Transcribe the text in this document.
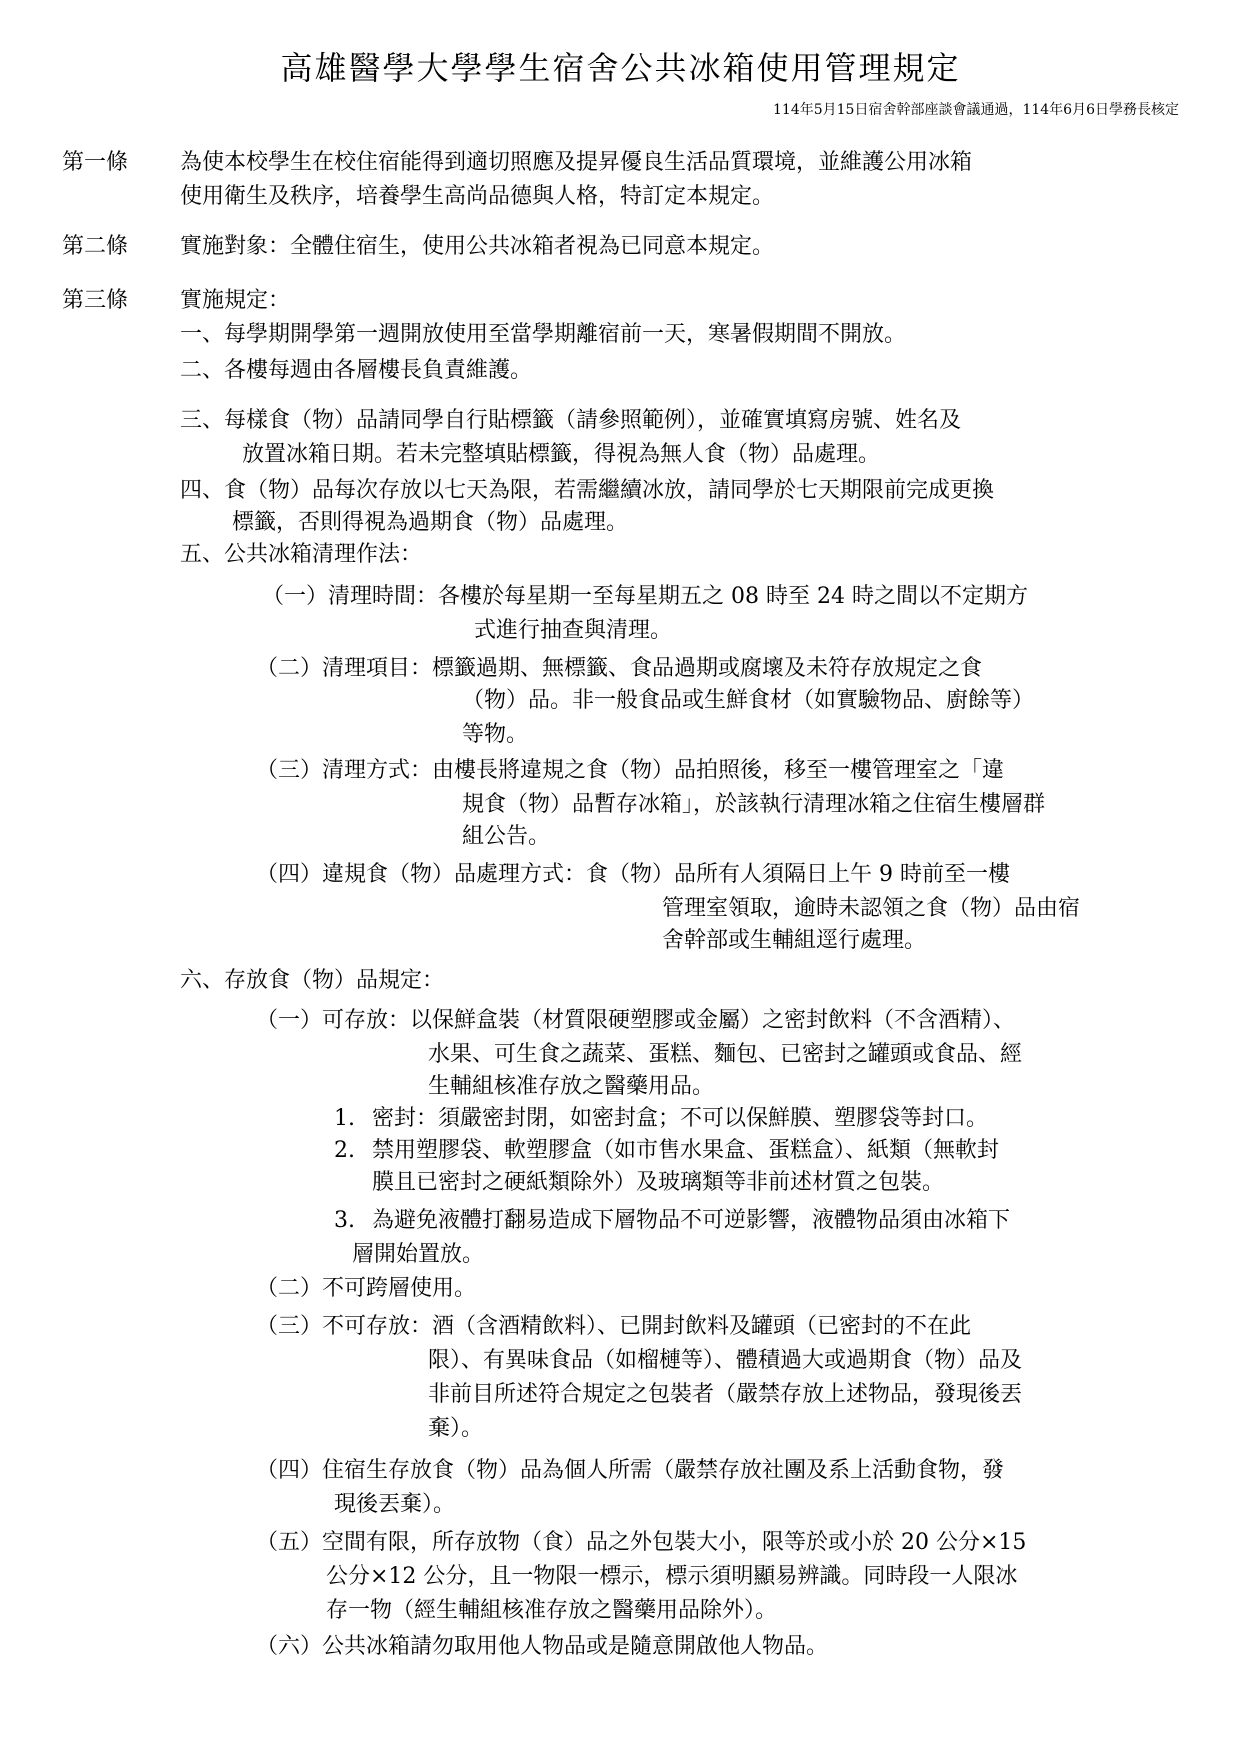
高雄醫學大學學生宿舍公共冰箱使用管理規定
114年5月15日宿舍幹部座談會議通過，114年6月6日學務長核定
第一條 為使本校學生在校住宿能得到適切照應及提昇優良生活品質環境，並維護公用冰箱
使用衛生及秩序，培養學生高尚品德與人格，特訂定本規定。
第二條 實施對象：全體住宿生，使用公共冰箱者視為已同意本規定。
第三條 實施規定：
一、每學期開學第一週開放使用至當學期離宿前一天，寒暑假期間不開放。
二、各樓每週由各層樓長負責維護。
三、每樣食（物）品請同學自行貼標籤（請參照範例），並確實填寫房號、姓名及
放置冰箱日期。若未完整填貼標籤，得視為無人食（物）品處理。
四、食（物）品每次存放以七天為限，若需繼續冰放，請同學於七天期限前完成更換
標籤，否則得視為過期食（物）品處理。
五、公共冰箱清理作法：
（一）清理時間：各樓於每星期一至每星期五之 08 時至 24 時之間以不定期方
式進行抽查與清理。
（二）清理項目：標籤過期、無標籤、食品過期或腐壞及未符存放規定之食
（物）品。非一般食品或生鮮食材（如實驗物品、廚餘等）
等物。
（三）清理方式：由樓長將違規之食（物）品拍照後，移至一樓管理室之「違
規食（物）品暫存冰箱」，於該執行清理冰箱之住宿生樓層群
組公告。
（四）違規食（物）品處理方式：食（物）品所有人須隔日上午 9 時前至一樓
管理室領取，逾時未認領之食（物）品由宿
舍幹部或生輔組逕行處理。
六、存放食（物）品規定：
（一）可存放：以保鮮盒裝（材質限硬塑膠或金屬）之密封飲料（不含酒精）、
水果、可生食之蔬菜、蛋糕、麵包、已密封之罐頭或食品、經
生輔組核准存放之醫藥用品。
1. 密封：須嚴密封閉，如密封盒；不可以保鮮膜、塑膠袋等封口。
2. 禁用塑膠袋、軟塑膠盒（如市售水果盒、蛋糕盒）、紙類（無軟封
膜且已密封之硬紙類除外）及玻璃類等非前述材質之包裝。
3. 為避免液體打翻易造成下層物品不可逆影響，液體物品須由冰箱下
層開始置放。
（二）不可跨層使用。
（三）不可存放：酒（含酒精飲料）、已開封飲料及罐頭（已密封的不在此
限）、有異味食品（如榴槤等）、體積過大或過期食（物）品及
非前目所述符合規定之包裝者（嚴禁存放上述物品，發現後丟
棄）。
（四）住宿生存放食（物）品為個人所需（嚴禁存放社團及系上活動食物，發
現後丟棄）。
（五）空間有限，所存放物（食）品之外包裝大小，限等於或小於 20 公分×15
公分×12 公分，且一物限一標示，標示須明顯易辨識。同時段一人限冰
存一物（經生輔組核准存放之醫藥用品除外）。
（六）公共冰箱請勿取用他人物品或是隨意開啟他人物品。
